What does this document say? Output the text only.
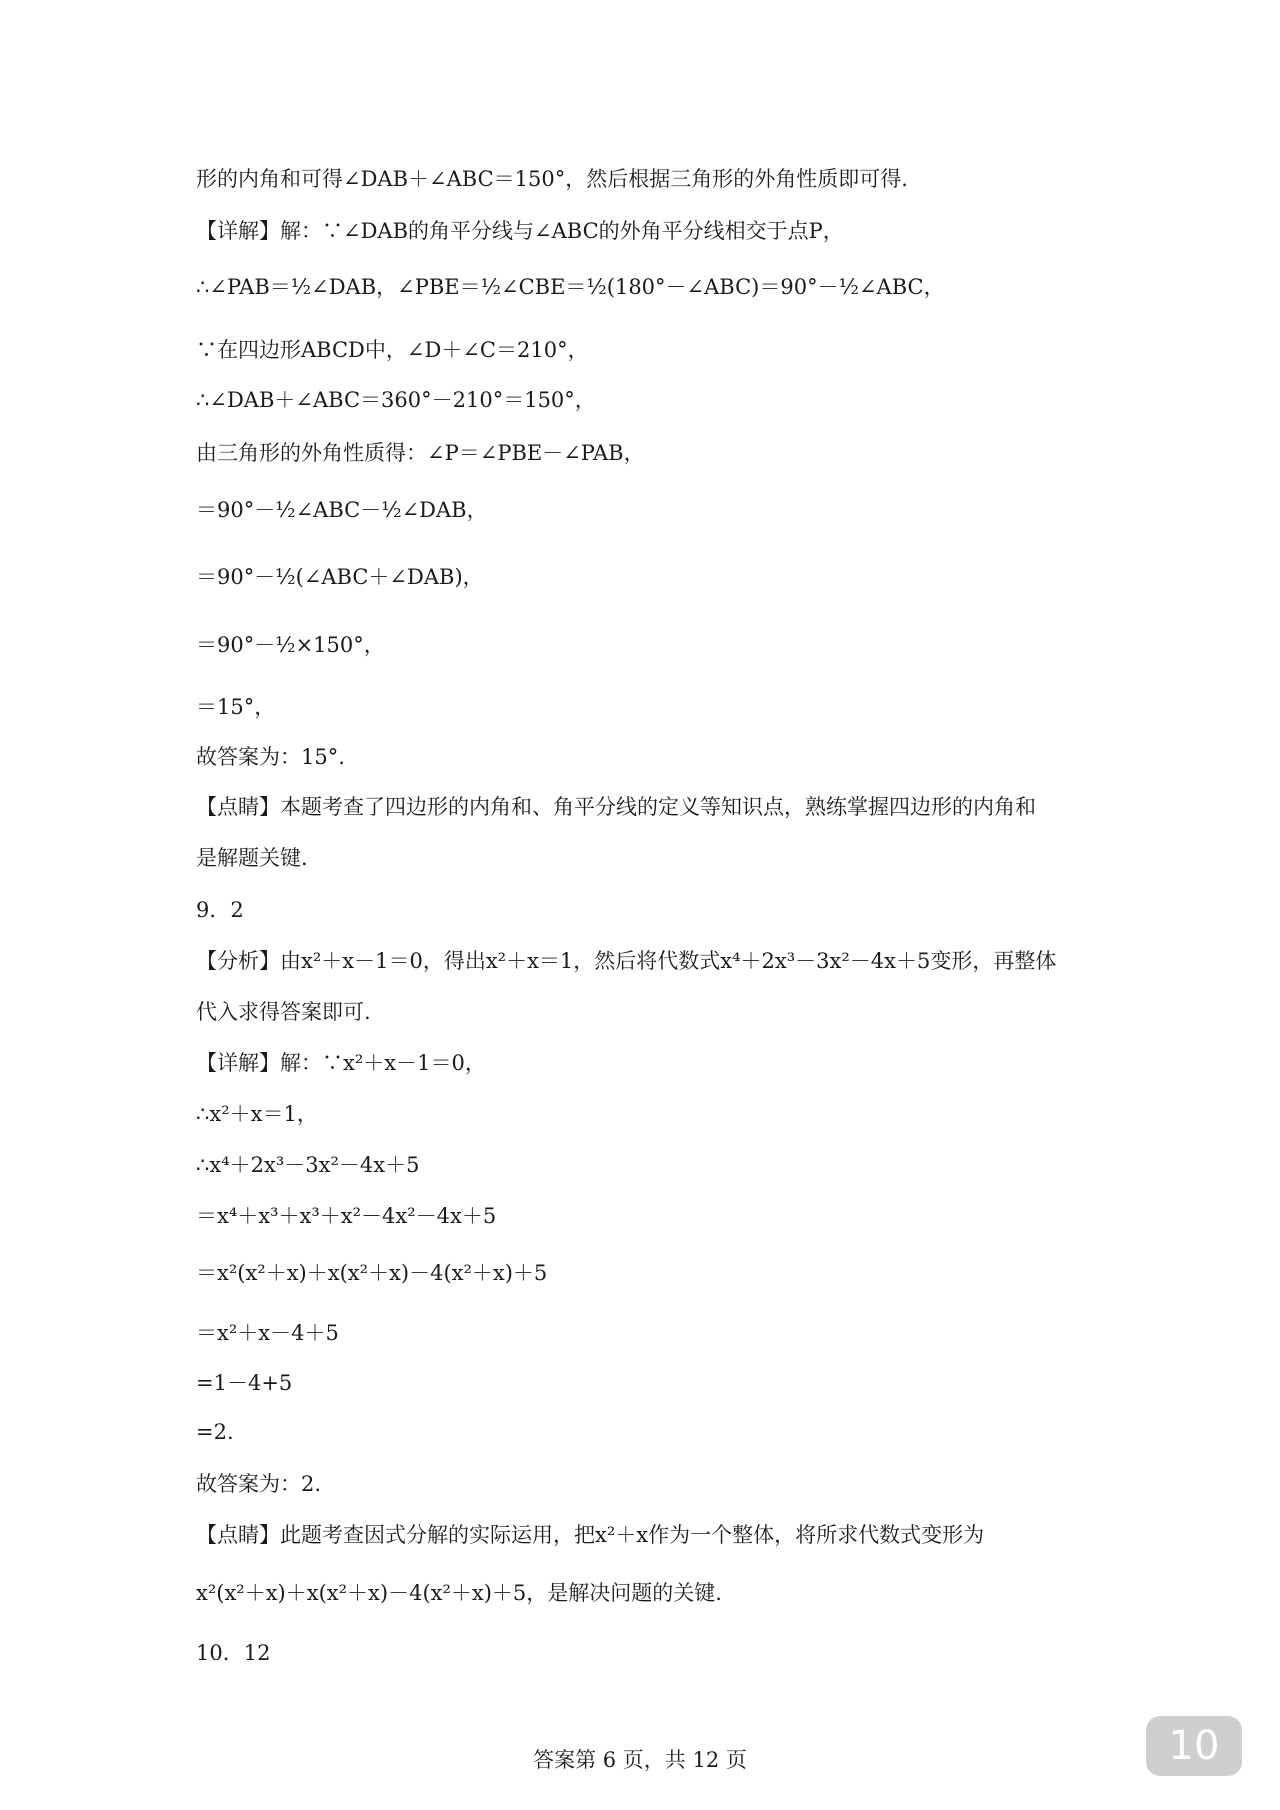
形的内角和可得∠DAB＋∠ABC＝150°，然后根据三角形的外角性质即可得.
【详解】解：∵∠DAB的角平分线与∠ABC的外角平分线相交于点P，
∴∠PAB＝½∠DAB，∠PBE＝½∠CBE＝½(180°－∠ABC)＝90°－½∠ABC，
∵在四边形ABCD中，∠D＋∠C＝210°，
∴∠DAB＋∠ABC＝360°－210°＝150°，
由三角形的外角性质得：∠P＝∠PBE－∠PAB，
＝90°－½∠ABC－½∠DAB，
＝90°－½(∠ABC＋∠DAB)，
＝90°－½×150°，
＝15°，
故答案为：15°.
【点睛】本题考查了四边形的内角和、角平分线的定义等知识点，熟练掌握四边形的内角和
是解题关键.
9．2
【分析】由x²＋x－1＝0，得出x²＋x＝1，然后将代数式x⁴＋2x³－3x²－4x＋5变形，再整体
代入求得答案即可.
【详解】解：∵x²＋x－1＝0，
∴x²＋x＝1，
∴x⁴＋2x³－3x²－4x＋5
＝x⁴＋x³＋x³＋x²－4x²－4x＋5
＝x²(x²＋x)＋x(x²＋x)－4(x²＋x)＋5
＝x²＋x－4＋5
=1－4+5
=2.
故答案为：2.
【点睛】此题考查因式分解的实际运用，把x²＋x作为一个整体，将所求代数式变形为
x²(x²＋x)＋x(x²＋x)－4(x²＋x)＋5，是解决问题的关键.
10．12
答案第 6 页，共 12 页	10
